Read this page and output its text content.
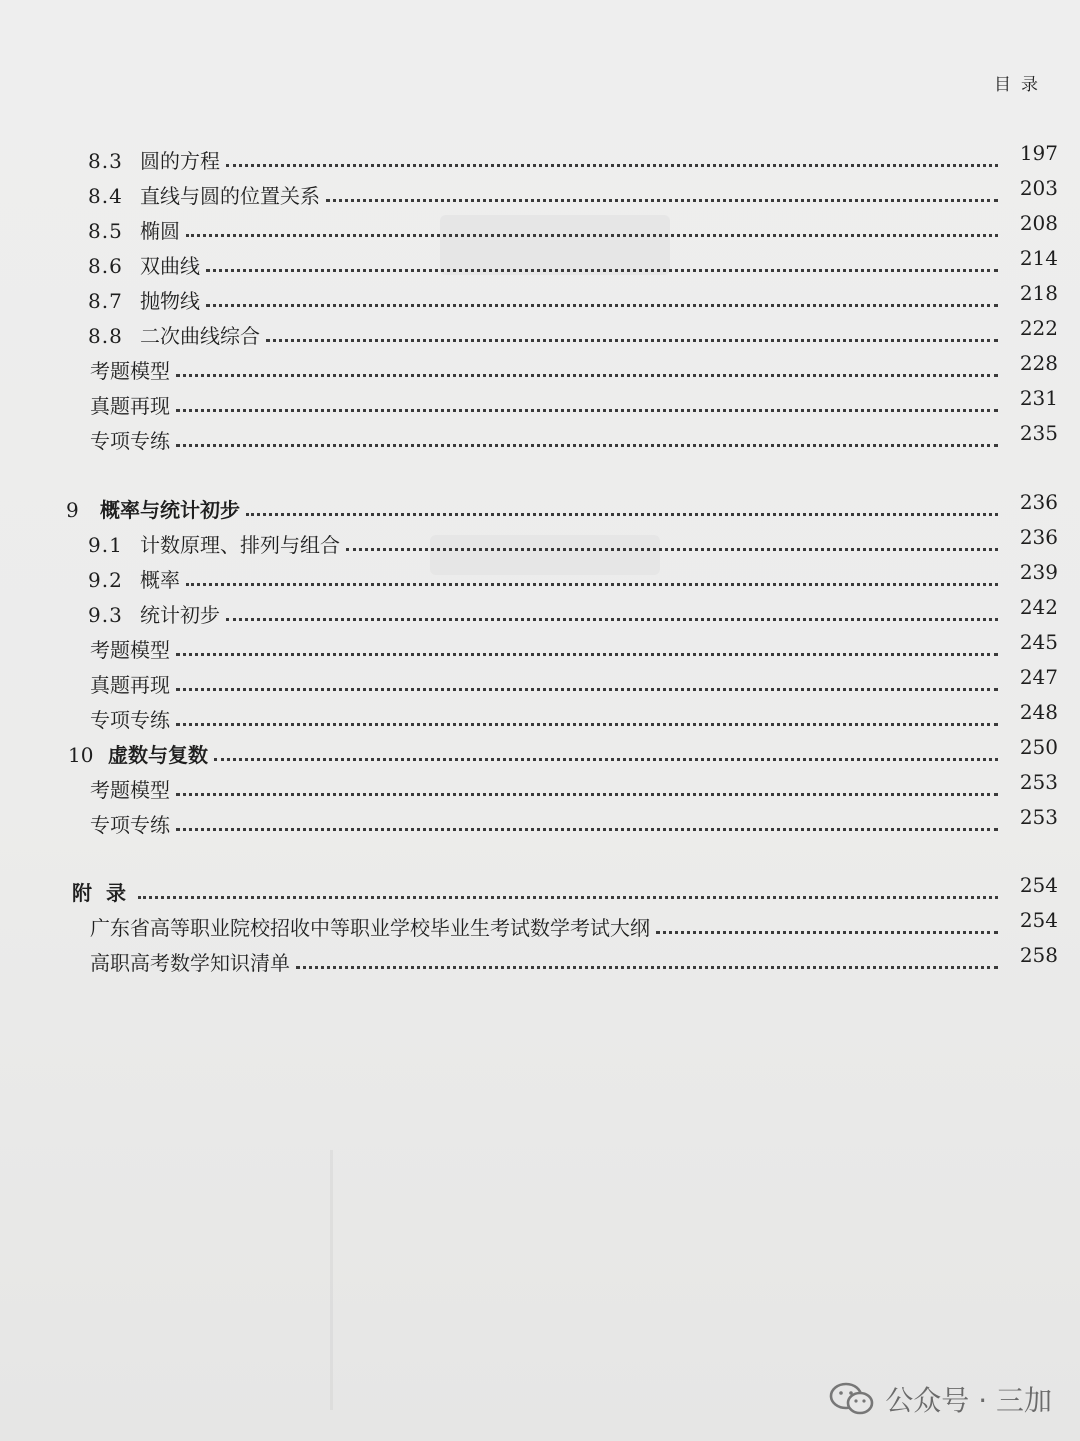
目录
8.3 圆的方程	197
8.4 直线与圆的位置关系	203
8.5 椭圆	208
8.6 双曲线	214
8.7 抛物线	218
8.8 二次曲线综合	222
考题模型	228
真题再现	231
专项专练	235
9	概率与统计初步	236
9.1 计数原理、排列与组合	236
9.2 概率	239
9.3 统计初步	242
考题模型	245
真题再现	247
专项专练	248
10 虚数与复数	250
考题模型	253
专项专练	253
附录	254
广东省高等职业院校招收中等职业学校毕业生考试数学考试大纲	254
高职高考数学知识清单	258
公众号 · 三加
